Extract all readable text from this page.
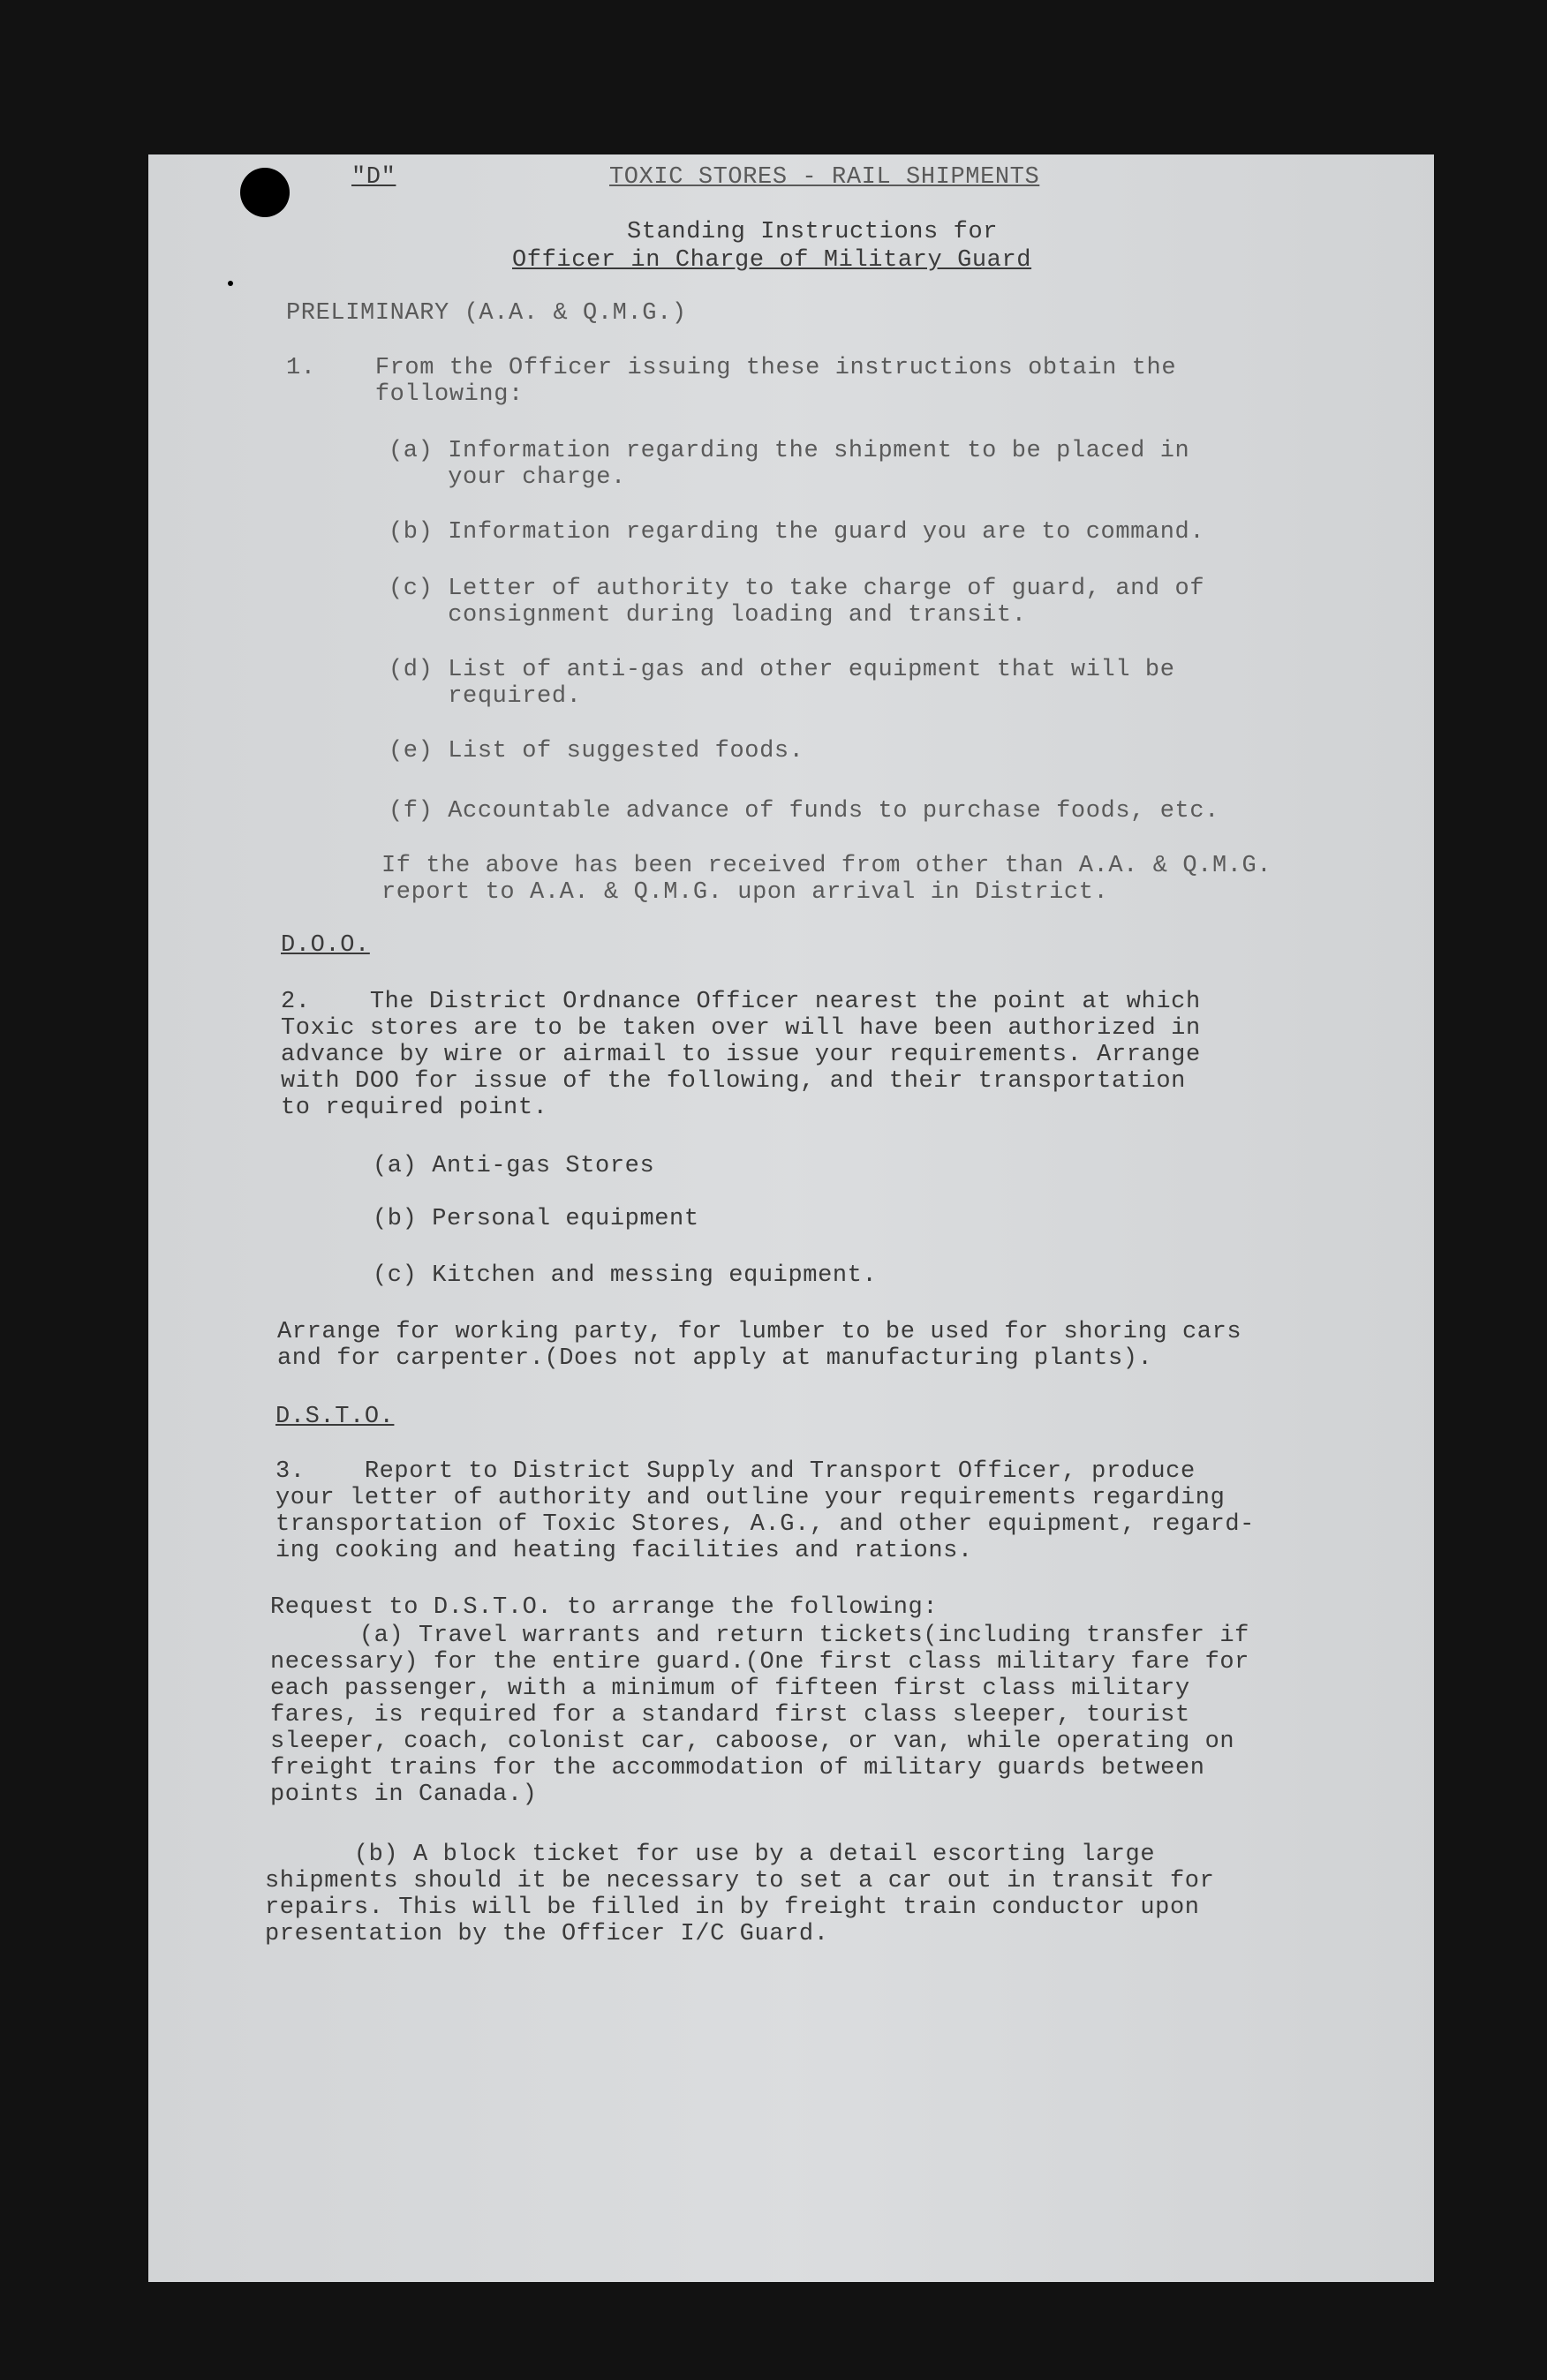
"D"	TOXIC STORES - RAIL SHIPMENTS

Standing Instructions for

Officer in Charge of Military Guard

PRELIMINARY (A.A. & Q.M.G.)

1.    From the Officer issuing these instructions obtain the

following:

(a) Information regarding the shipment to be placed in

your charge.

(b) Information regarding the guard you are to command.

(c) Letter of authority to take charge of guard, and of

consignment during loading and transit.

(d) List of anti-gas and other equipment that will be

required.

(e) List of suggested foods.

(f) Accountable advance of funds to purchase foods, etc.

If the above has been received from other than A.A. & Q.M.G.

report to A.A. & Q.M.G. upon arrival in District.

D.O.O.

2.    The District Ordnance Officer nearest the point at which

Toxic stores are to be taken over will have been authorized in

advance by wire or airmail to issue your requirements. Arrange

with DOO for issue of the following, and their transportation

to required point.

(a) Anti-gas Stores

(b) Personal equipment

(c) Kitchen and messing equipment.

Arrange for working party, for lumber to be used for shoring cars

and for carpenter.(Does not apply at manufacturing plants).

D.S.T.O.

3.    Report to District Supply and Transport Officer, produce

your letter of authority and outline your requirements regarding

transportation of Toxic Stores, A.G., and other equipment, regard-

ing cooking and heating facilities and rations.

Request to D.S.T.O. to arrange the following:

(a) Travel warrants and return tickets(including transfer if

necessary) for the entire guard.(One first class military fare for

each passenger, with a minimum of fifteen first class military

fares, is required for a standard first class sleeper, tourist

sleeper, coach, colonist car, caboose, or van, while operating on

freight trains for the accommodation of military guards between

points in Canada.)

(b) A block ticket for use by a detail escorting large

shipments should it be necessary to set a car out in transit for

repairs. This will be filled in by freight train conductor upon

presentation by the Officer I/C Guard.
